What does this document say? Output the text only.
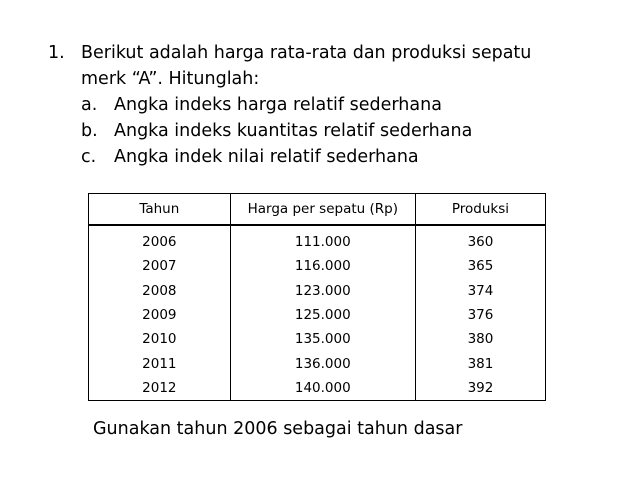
1. Berikut adalah harga rata-rata dan produksi sepatu
merk “A”. Hitunglah:
a. Angka indeks harga relatif sederhana
b. Angka indeks kuantitas relatif sederhana
c. Angka indek nilai relatif sederhana
Tahun	Harga per sepatu (Rp)	Produksi
2006	111.000	360
2007	116.000	365
2008	123.000	374
2009	125.000	376
2010	135.000	380
2011	136.000	381
2012	140.000	392
Gunakan tahun 2006 sebagai tahun dasar
